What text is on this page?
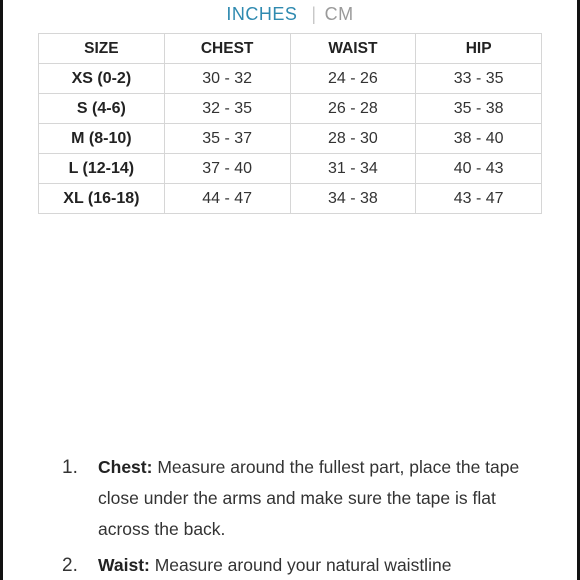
INCHES | CM
SIZE	CHEST	WAIST	HIP
XS (0-2)	30 - 32	24 - 26	33 - 35
S (4-6)	32 - 35	26 - 28	35 - 38
M (8-10)	35 - 37	28 - 30	38 - 40
L (12-14)	37 - 40	31 - 34	40 - 43
XL (16-18)	44 - 47	34 - 38	43 - 47
1. Chest: Measure around the fullest part, place the tape close under the arms and make sure the tape is flat across the back.
2. Waist: Measure around your natural waistline
